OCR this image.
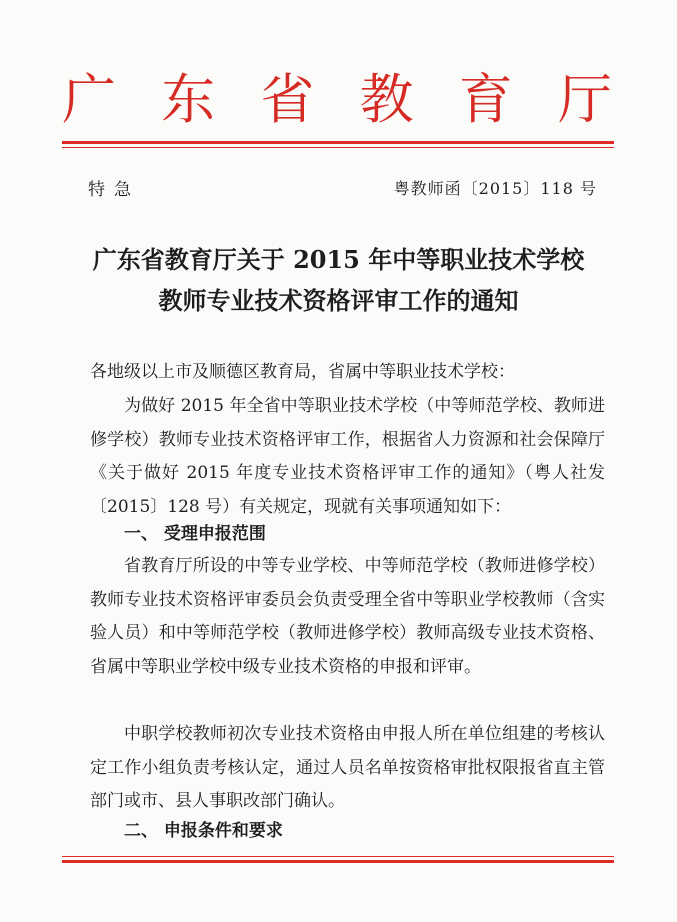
广 东 省 教 育 厅
特急	粤教师函〔2015〕118 号
广东省教育厅关于 2015 年中等职业技术学校
教师专业技术资格评审工作的通知
各地级以上市及顺德区教育局，省属中等职业技术学校：
为做好 2015 年全省中等职业技术学校（中等师范学校、教师进修学校）教师专业技术资格评审工作，根据省人力资源和社会保障厅《关于做好 2015 年度专业技术资格评审工作的通知》（粤人社发〔2015〕128 号）有关规定，现就有关事项通知如下：
一、 受理申报范围
省教育厅所设的中等专业学校、中等师范学校（教师进修学校）教师专业技术资格评审委员会负责受理全省中等职业学校教师（含实验人员）和中等师范学校（教师进修学校）教师高级专业技术资格、省属中等职业学校中级专业技术资格的申报和评审。
中职学校教师初次专业技术资格由申报人所在单位组建的考核认定工作小组负责考核认定，通过人员名单按资格审批权限报省直主管部门或市、县人事职改部门确认。
二、 申报条件和要求
